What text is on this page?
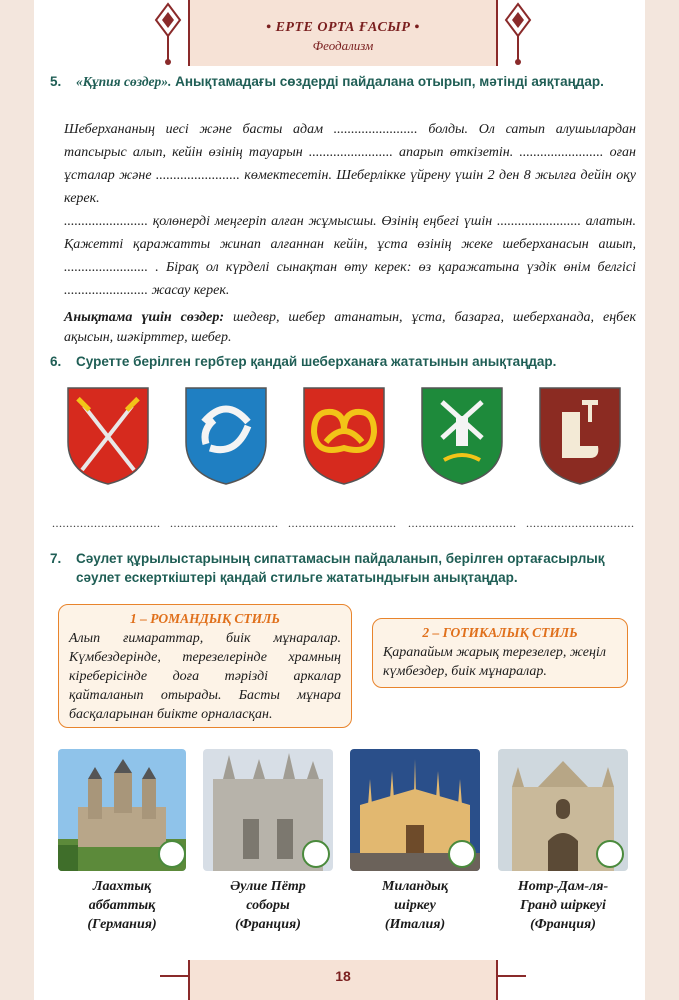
• ЕРТЕ ОРТА ҒАСЫР •
Феодализм
5.	«Құпия сөздер». Анықтамадағы сөздерді пайдалана отырып, мәтінді аяқтаңдар.

Шеберхананың иесі және басты адам ........................ болды. Ол сатып алушылардан тапсырыс алып, кейін өзінің тауарын ........................ апарып өткізетін. ........................ оған ұсталар және ........................ көмектесетін. Шеберлікке үйрену үшін 2 ден 8 жылға дейін оқу керек.

........................ қолөнерді меңгеріп алған жұмысшы. Өзінің еңбегі үшін ........................ алатын. Қажетті қаражатты жинап алғаннан кейін, ұста өзінің жеке шеберханасын ашып, ........................ . Бірақ ол күрделі сынақтан өту керек: өз қаражатына үздік өнім белгісі ........................ жасау керек.

Анықтама үшін сөздер: шедевр, шебер атанатын, ұста, базарға, шеберханада, еңбек ақысын, шәкірттер, шебер.

6.	Суретте берілген гербтер қандай шеберханаға жататынын анықтаңдар.
............................... ............................... ............................... ............................... ...............................
7.	Сәулет құрылыстарының сипаттамасын пайдаланып, берілген ортағасырлық сәулет ескерткіштері қандай стильге жататындығын анықтаңдар.
1 – РОМАНДЫҚ СТИЛЬ
Алып ғимараттар, биік мұнаралар. Күмбездерінде, терезелерінде храмның кіреберісінде доға тәрізді аркалар қайталанып отырады. Басты мұнара басқаларынан биікте орналасқан.
2 – ГОТИКАЛЫҚ СТИЛЬ
Қарапайым жарық терезелер, жеңіл күмбездер, биік мұнаралар.
Лаахтық
аббаттық
(Германия)
Әулие Пётр
соборы
(Франция)
Миландық
шіркеу
(Италия)
Нотр-Дам-ля-
Гранд шіркеуі
(Франция)
18
